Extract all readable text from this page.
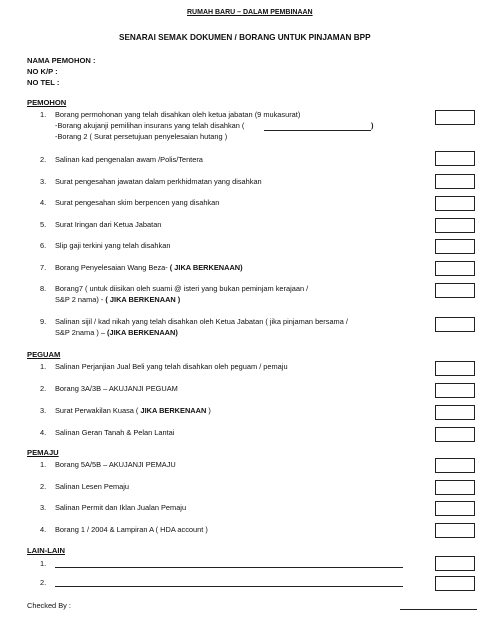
RUMAH BARU – DALAM PEMBINAAN
SENARAI SEMAK DOKUMEN / BORANG UNTUK PINJAMAN BPP
NAMA PEMOHON :
NO K/P :
NO TEL :
PEMOHON
1. Borang permohonan yang telah disahkan oleh ketua jabatan (9 mukasurat)
-Borang akujanji pemilihan insurans yang telah disahkan (	)
-Borang 2 ( Surat persetujuan penyelesaian hutang )
2. Salinan kad pengenalan awam /Polis/Tentera
3. Surat pengesahan jawatan dalam perkhidmatan yang disahkan
4. Surat pengesahan skim berpencen yang disahkan
5. Surat Iringan dari Ketua Jabatan
6. Slip gaji terkini yang telah disahkan
7. Borang Penyelesaian Wang Beza- ( JIKA BERKENAAN)
8. Borang7 ( untuk diisikan oleh suami @ isteri yang bukan peminjam kerajaan /
S&P 2 nama) - ( JIKA BERKENAAN )
9. Salinan sijil / kad nikah yang telah disahkan oleh Ketua Jabatan ( jika pinjaman bersama /
S&P 2nama ) – (JIKA BERKENAAN)
PEGUAM
1. Salinan Perjanjian Jual Beli yang telah disahkan oleh peguam / pemaju
2. Borang 3A/3B – AKUJANJI PEGUAM
3. Surat Perwakilan Kuasa ( JIKA BERKENAAN )
4. Salinan Geran Tanah & Pelan Lantai
PEMAJU
1. Borang 5A/5B – AKUJANJI PEMAJU
2. Salinan Lesen Pemaju
3. Salinan Permit dan Iklan Jualan Pemaju
4. Borang 1 / 2004 & Lampiran A ( HDA account )
LAIN-LAIN
1.
2.
Checked By :
